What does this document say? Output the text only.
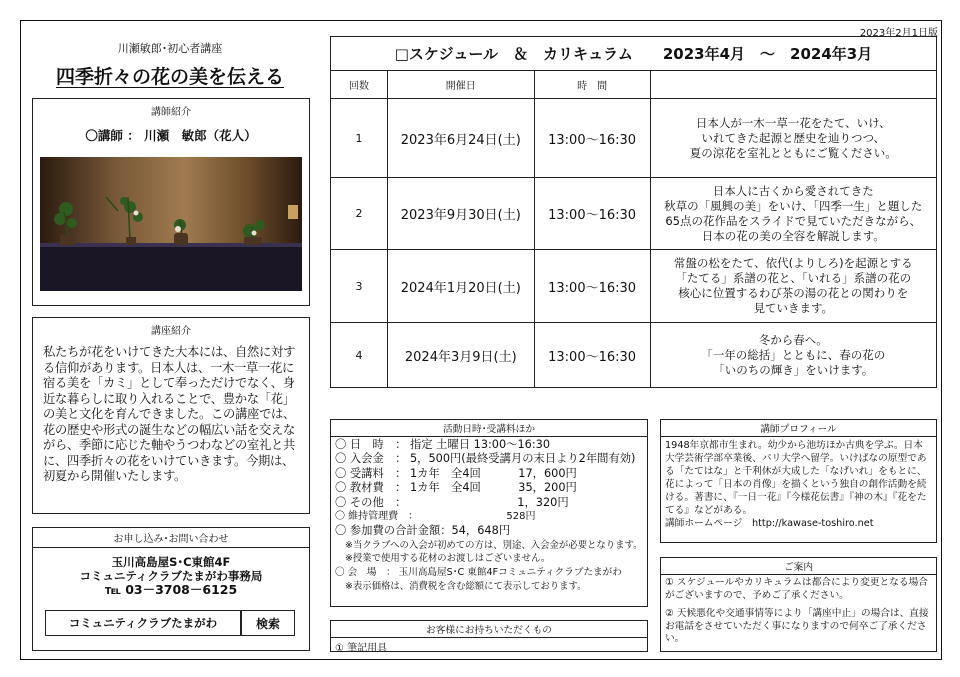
2023年2月1日版
川瀬敏郎･初心者講座
四季折々の花の美を伝える
講師紹介
〇講師 ： 川瀬　敏郎（花人）
講座紹介
私たちが花をいけてきた大本には、自然に対する信仰があります。日本人は、一木一草一花に宿る美を「カミ」として奉っただけでなく、身近な暮らしに取り入れることで、豊かな「花」の美と文化を育んできました。この講座では、花の歴史や形式の誕生などの幅広い話を交えながら、季節に応じた軸やうつわなどの室礼と共に、四季折々の花をいけていきます。今期は、初夏から開催いたします。
お申し込み･お問い合わせ
玉川高島屋S･C東館4F
コミュニティクラブたまがわ事務局
℡ 03－3708－6125
コミュニティクラブたまがわ	検索
□スケジュール　＆　カリキュラム　　2023年4月　～　2024年3月			
回数	開催日	時　間	
1	2023年6月24日(土)	13:00～16:30	日本人が一木一草一花をたて、いけ、
いれてきた起源と歴史を辿りつつ、
夏の涼花を室礼とともにご覧ください。

2	2023年9月30日(土)	13:00～16:30	日本人に古くから愛されてきた
秋草の「風興の美」をいけ、「四季一生」と題した
65点の花作品をスライドで見ていただきながら、
日本の花の美の全容を解説します。

3	2024年1月20日(土)	13:00～16:30	常盤の松をたて、依代(よりしろ)を起源とする
「たてる」系譜の花と、「いれる」系譜の花の
核心に位置するわび茶の湯の花との関わりを
見ていきます。

4	2024年3月9日(土)	13:00～16:30	冬から春へ。
「一年の総括」とともに、春の花の
「いのちの輝き」をいけます。
活動日時･受講料ほか
〇 日　時　： 指定 土曜日 13:00～16:30
〇 入会金　： 5，500円(最終受講月の末日より2年間有効)
〇 受講料　： 1カ年　全4回　　　 17，600円
〇 教材費　： 1カ年　全4回　　　 35，200円
〇 その他　：　　　　　　　　　　 1，320円
〇 維持管理費　：　　　　　　　　　 528円
〇 参加費の合計金額：54，648円
※当クラブへの入会が初めての方は、別途、入会金が必要となります。
※授業で使用する花材のお渡しはございません。
〇 会　場　： 玉川高島屋S･C 東館4Fコミュニティクラブたまがわ
※表示価格は、消費税を含む総額にて表示しております。
お客様にお持ちいただくもの
① 筆記用具
講師プロフィール
1948年京都市生まれ。幼少から池坊ほか古典を学ぶ。日本大学芸術学部卒業後、パリ大学へ留学。いけばなの原型である「たてはな」と千利休が大成した「なげいれ」をもとに、花によって「日本の肖像」を描くという独自の創作活動を続ける。著書に、『一日一花』『今様花伝書』『神の木』『花をたてる』などがある。
講師ホームページ　http://kawase-toshiro.net
ご案内
① スケジュールやカリキュラムは都合により変更となる場合がございますので、予めご了承ください。
② 天候悪化や交通事情等により「講座中止」の場合は、直接お電話をさせていただく事になりますので何卒ご了承ください。
